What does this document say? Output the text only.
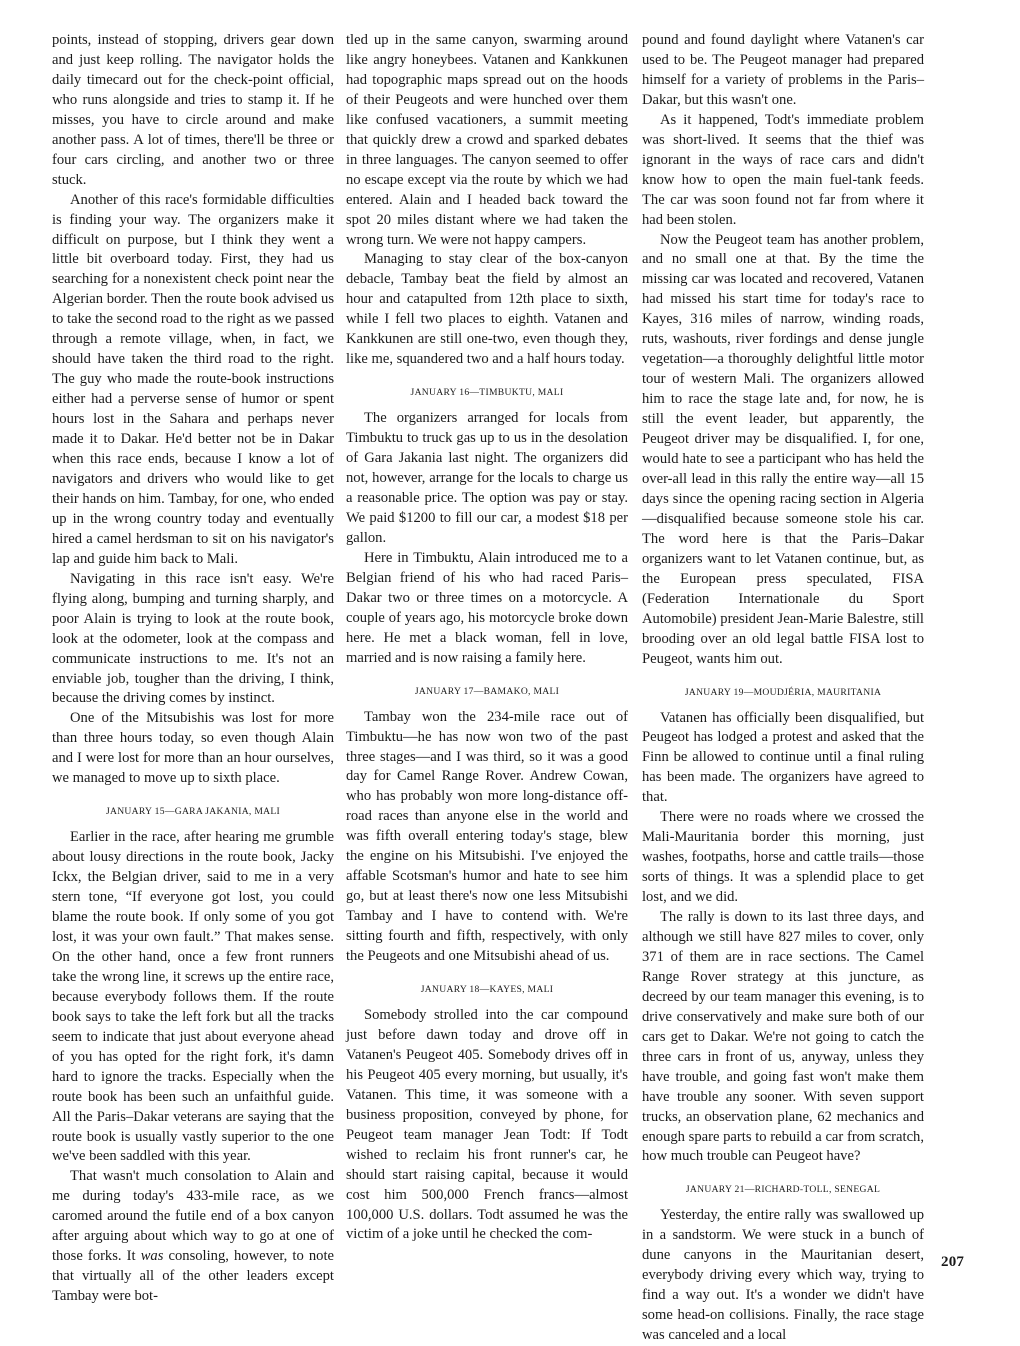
points, instead of stopping, drivers gear down and just keep rolling. The navigator holds the daily timecard out for the check-point official, who runs alongside and tries to stamp it. If he misses, you have to circle around and make another pass. A lot of times, there'll be three or four cars circling, and another two or three stuck.

Another of this race's formidable difficulties is finding your way. The organizers make it difficult on purpose, but I think they went a little bit overboard today. First, they had us searching for a nonexistent check point near the Algerian border. Then the route book advised us to take the second road to the right as we passed through a remote village, when, in fact, we should have taken the third road to the right. The guy who made the route-book instructions either had a perverse sense of humor or spent hours lost in the Sahara and perhaps never made it to Dakar. He'd better not be in Dakar when this race ends, because I know a lot of navigators and drivers who would like to get their hands on him. Tambay, for one, who ended up in the wrong country today and eventually hired a camel herdsman to sit on his navigator's lap and guide him back to Mali.

Navigating in this race isn't easy. We're flying along, bumping and turning sharply, and poor Alain is trying to look at the route book, look at the odometer, look at the compass and communicate instructions to me. It's not an enviable job, tougher than the driving, I think, because the driving comes by instinct.

One of the Mitsubishis was lost for more than three hours today, so even though Alain and I were lost for more than an hour ourselves, we managed to move up to sixth place.

JANUARY 15—GARA JAKANIA, MALI

Earlier in the race, after hearing me grumble about lousy directions in the route book, Jacky Ickx, the Belgian driver, said to me in a very stern tone, “If everyone got lost, you could blame the route book. If only some of you got lost, it was your own fault.” That makes sense. On the other hand, once a few front runners take the wrong line, it screws up the entire race, because everybody follows them. If the route book says to take the left fork but all the tracks seem to indicate that just about everyone ahead of you has opted for the right fork, it's damn hard to ignore the tracks. Especially when the route book has been such an unfaithful guide. All the Paris–Dakar veterans are saying that the route book is usually vastly superior to the one we've been saddled with this year.

That wasn't much consolation to Alain and me during today's 433-mile race, as we caromed around the futile end of a box canyon after arguing about which way to go at one of those forks. It was consoling, however, to note that virtually all of the other leaders except Tambay were bot-

tled up in the same canyon, swarming around like angry honeybees. Vatanen and Kankkunen had topographic maps spread out on the hoods of their Peugeots and were hunched over them like confused vacationers, a summit meeting that quickly drew a crowd and sparked debates in three languages. The canyon seemed to offer no escape except via the route by which we had entered. Alain and I headed back toward the spot 20 miles distant where we had taken the wrong turn. We were not happy campers.

Managing to stay clear of the box-canyon debacle, Tambay beat the field by almost an hour and catapulted from 12th place to sixth, while I fell two places to eighth. Vatanen and Kankkunen are still one-two, even though they, like me, squandered two and a half hours today.

JANUARY 16—TIMBUKTU, MALI

The organizers arranged for locals from Timbuktu to truck gas up to us in the desolation of Gara Jakania last night. The organizers did not, however, arrange for the locals to charge us a reasonable price. The option was pay or stay. We paid $1200 to fill our car, a modest $18 per gallon.

Here in Timbuktu, Alain introduced me to a Belgian friend of his who had raced Paris–Dakar two or three times on a motorcycle. A couple of years ago, his motorcycle broke down here. He met a black woman, fell in love, married and is now raising a family here.

JANUARY 17—BAMAKO, MALI

Tambay won the 234-mile race out of Timbuktu—he has now won two of the past three stages—and I was third, so it was a good day for Camel Range Rover. Andrew Cowan, who has probably won more long-distance off-road races than anyone else in the world and was fifth overall entering today's stage, blew the engine on his Mitsubishi. I've enjoyed the affable Scotsman's humor and hate to see him go, but at least there's now one less Mitsubishi Tambay and I have to contend with. We're sitting fourth and fifth, respectively, with only the Peugeots and one Mitsubishi ahead of us.

JANUARY 18—KAYES, MALI

Somebody strolled into the car compound just before dawn today and drove off in Vatanen's Peugeot 405. Somebody drives off in his Peugeot 405 every morning, but usually, it's Vatanen. This time, it was someone with a business proposition, conveyed by phone, for Peugeot team manager Jean Todt: If Todt wished to reclaim his front runner's car, he should start raising capital, because it would cost him 500,000 French francs—almost 100,000 U.S. dollars. Todt assumed he was the victim of a joke until he checked the com-

pound and found daylight where Vatanen's car used to be. The Peugeot manager had prepared himself for a variety of problems in the Paris–Dakar, but this wasn't one.

As it happened, Todt's immediate problem was short-lived. It seems that the thief was ignorant in the ways of race cars and didn't know how to open the main fuel-tank feeds. The car was soon found not far from where it had been stolen.

Now the Peugeot team has another problem, and no small one at that. By the time the missing car was located and recovered, Vatanen had missed his start time for today's race to Kayes, 316 miles of narrow, winding roads, ruts, washouts, river fordings and dense jungle vegetation—a thoroughly delightful little motor tour of western Mali. The organizers allowed him to race the stage late and, for now, he is still the event leader, but apparently, the Peugeot driver may be disqualified. I, for one, would hate to see a participant who has held the over-all lead in this rally the entire way—all 15 days since the opening racing section in Algeria—disqualified because someone stole his car. The word here is that the Paris–Dakar organizers want to let Vatanen continue, but, as the European press speculated, FISA (Federation Internationale du Sport Automobile) president Jean-Marie Balestre, still brooding over an old legal battle FISA lost to Peugeot, wants him out.

JANUARY 19—MOUDJÉRIA, MAURITANIA

Vatanen has officially been disqualified, but Peugeot has lodged a protest and asked that the Finn be allowed to continue until a final ruling has been made. The organizers have agreed to that.

There were no roads where we crossed the Mali-Mauritania border this morning, just washes, footpaths, horse and cattle trails—those sorts of things. It was a splendid place to get lost, and we did.

The rally is down to its last three days, and although we still have 827 miles to cover, only 371 of them are in race sections. The Camel Range Rover strategy at this juncture, as decreed by our team manager this evening, is to drive conservatively and make sure both of our cars get to Dakar. We're not going to catch the three cars in front of us, anyway, unless they have trouble, and going fast won't make them have trouble any sooner. With seven support trucks, an observation plane, 62 mechanics and enough spare parts to rebuild a car from scratch, how much trouble can Peugeot have?

JANUARY 21—RICHARD-TOLL, SENEGAL

Yesterday, the entire rally was swallowed up in a sandstorm. We were stuck in a bunch of dune canyons in the Mauritanian desert, everybody driving every which way, trying to find a way out. It's a wonder we didn't have some head-on collisions. Finally, the race stage was canceled and a local

207
